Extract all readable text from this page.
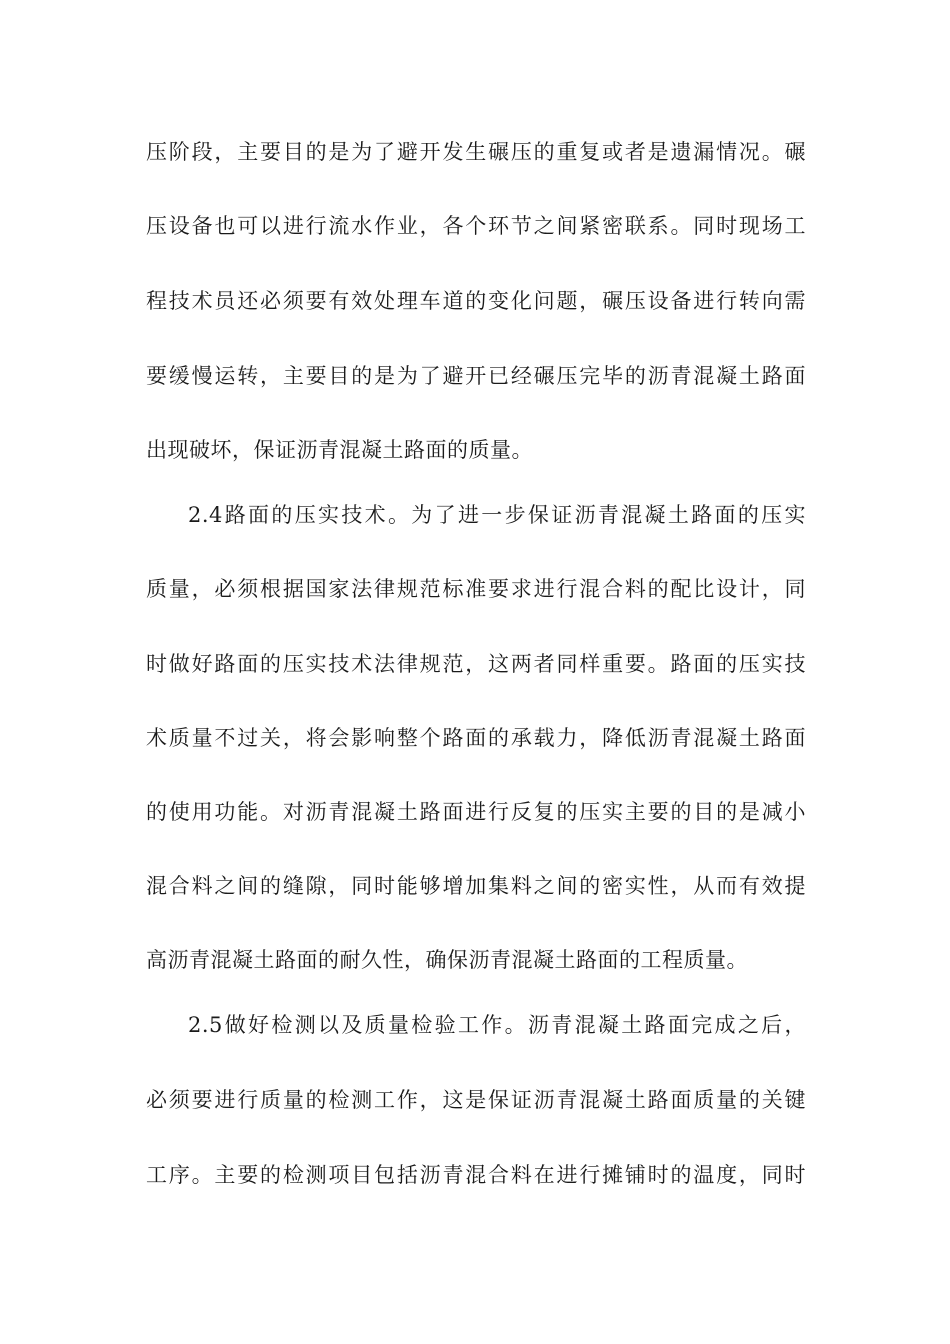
压阶段，主要目的是为了避开发生碾压的重复或者是遗漏情况。碾
压设备也可以进行流水作业，各个环节之间紧密联系。同时现场工
程技术员还必须要有效处理车道的变化问题，碾压设备进行转向需
要缓慢运转，主要目的是为了避开已经碾压完毕的沥青混凝土路面
出现破坏，保证沥青混凝土路面的质量。
2.4路面的压实技术。为了进一步保证沥青混凝土路面的压实
质量，必须根据国家法律规范标准要求进行混合料的配比设计，同
时做好路面的压实技术法律规范，这两者同样重要。路面的压实技
术质量不过关，将会影响整个路面的承载力，降低沥青混凝土路面
的使用功能。对沥青混凝土路面进行反复的压实主要的目的是减小
混合料之间的缝隙，同时能够增加集料之间的密实性，从而有效提
高沥青混凝土路面的耐久性，确保沥青混凝土路面的工程质量。
2.5做好检测以及质量检验工作。沥青混凝土路面完成之后，
必须要进行质量的检测工作，这是保证沥青混凝土路面质量的关键
工序。主要的检测项目包括沥青混合料在进行摊铺时的温度，同时
